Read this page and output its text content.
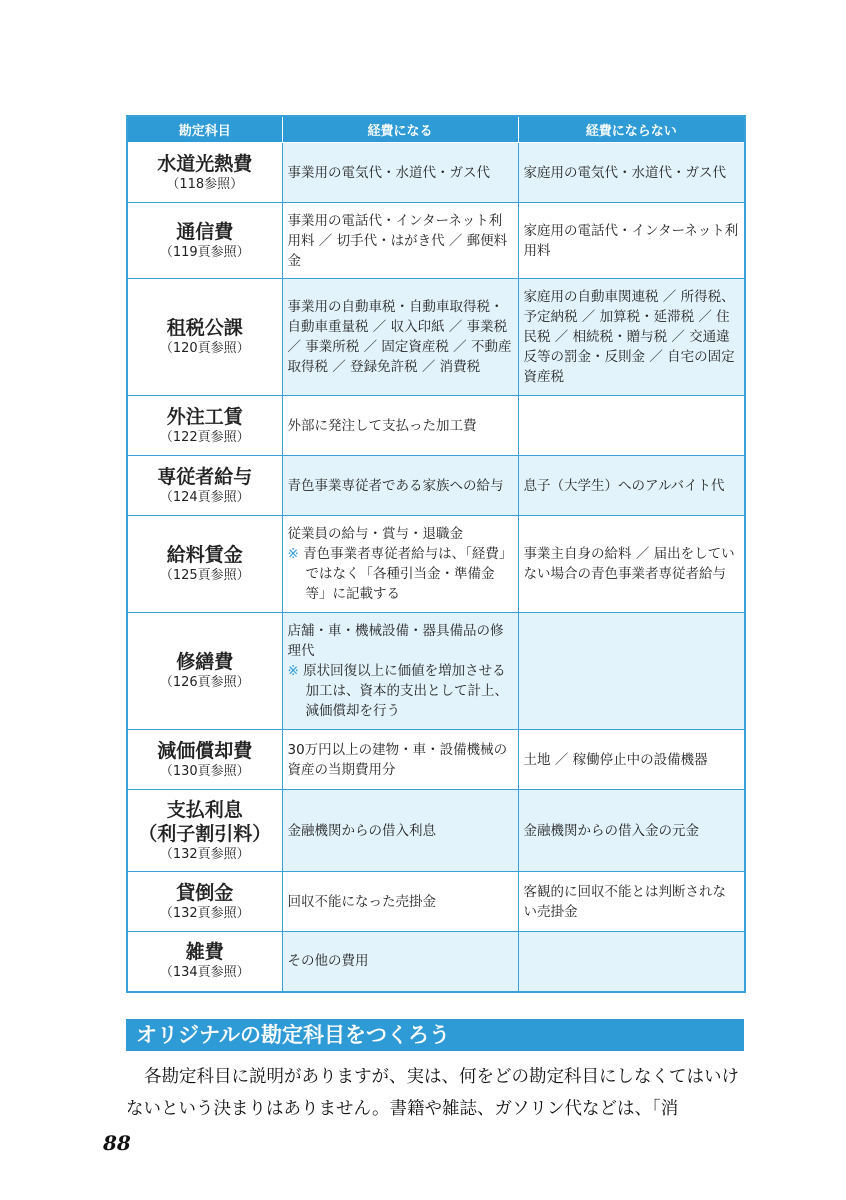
勘定科目	経費になる	経費にならない

水道光熱費
（118参照）	事業用の電気代・水道代・ガス代	家庭用の電気代・水道代・ガス代

通信費
（119頁参照）	事業用の電話代・インターネット利用料 ／ 切手代・はがき代 ／ 郵便料金	家庭用の電話代・インターネット利用料

租税公課
（120頁参照）	事業用の自動車税・自動車取得税・自動車重量税 ／ 収入印紙 ／ 事業税 ／ 事業所税 ／ 固定資産税 ／ 不動産取得税 ／ 登録免許税 ／ 消費税	家庭用の自動車関連税 ／ 所得税、予定納税 ／ 加算税・延滞税 ／ 住民税 ／ 相続税・贈与税 ／ 交通違反等の罰金・反則金 ／ 自宅の固定資産税

外注工賃
（122頁参照）	外部に発注して支払った加工費	

専従者給与
（124頁参照）	青色事業専従者である家族への給与	息子（大学生）へのアルバイト代

給料賃金
（125頁参照）	従業員の給与・賞与・退職金
※ 青色事業者専従者給与は、「経費」ではなく「各種引当金・準備金等」に記載する	事業主自身の給料 ／ 届出をしていない場合の青色事業者専従者給与

修繕費
（126頁参照）	店舗・車・機械設備・器具備品の修理代
※ 原状回復以上に価値を増加させる加工は、資本的支出として計上、減価償却を行う	

減価償却費
（130頁参照）	30万円以上の建物・車・設備機械の資産の当期費用分	土地 ／ 稼働停止中の設備機器

支払利息
（利子割引料）
（132頁参照）	金融機関からの借入利息	金融機関からの借入金の元金

貸倒金
（132頁参照）	回収不能になった売掛金	客観的に回収不能とは判断されない売掛金

雑費
（134頁参照）	その他の費用	
オリジナルの勘定科目をつくろう

各勘定科目に説明がありますが、実は、何をどの勘定科目にしなくてはいけないという決まりはありません。書籍や雑誌、ガソリン代などは、「消

88
